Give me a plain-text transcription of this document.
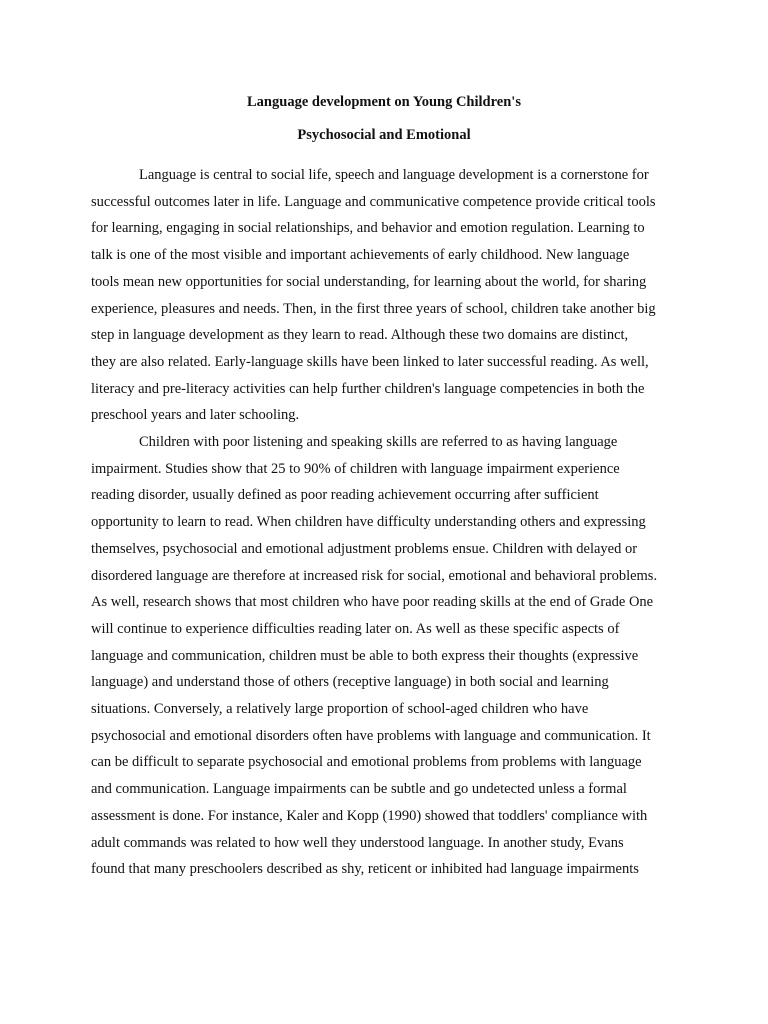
Language development on Young Children's
Psychosocial and Emotional
Language is central to social life, speech and language development is a cornerstone for
successful outcomes later in life. Language and communicative competence provide critical tools
for learning, engaging in social relationships, and behavior and emotion regulation. Learning to
talk is one of the most visible and important achievements of early childhood. New language
tools mean new opportunities for social understanding, for learning about the world, for sharing
experience, pleasures and needs. Then, in the first three years of school, children take another big
step in language development as they learn to read. Although these two domains are distinct,
they are also related. Early-language skills have been linked to later successful reading. As well,
literacy and pre-literacy activities can help further children's language competencies in both the
preschool years and later schooling.
Children with poor listening and speaking skills are referred to as having language
impairment. Studies show that 25 to 90% of children with language impairment experience
reading disorder, usually defined as poor reading achievement occurring after sufficient
opportunity to learn to read. When children have difficulty understanding others and expressing
themselves, psychosocial and emotional adjustment problems ensue. Children with delayed or
disordered language are therefore at increased risk for social, emotional and behavioral problems.
As well, research shows that most children who have poor reading skills at the end of Grade One
will continue to experience difficulties reading later on. As well as these specific aspects of
language and communication, children must be able to both express their thoughts (expressive
language) and understand those of others (receptive language) in both social and learning
situations. Conversely, a relatively large proportion of school-aged children who have
psychosocial and emotional disorders often have problems with language and communication. It
can be difficult to separate psychosocial and emotional problems from problems with language
and communication. Language impairments can be subtle and go undetected unless a formal
assessment is done. For instance, Kaler and Kopp (1990) showed that toddlers' compliance with
adult commands was related to how well they understood language. In another study, Evans
found that many preschoolers described as shy, reticent or inhibited had language impairments
